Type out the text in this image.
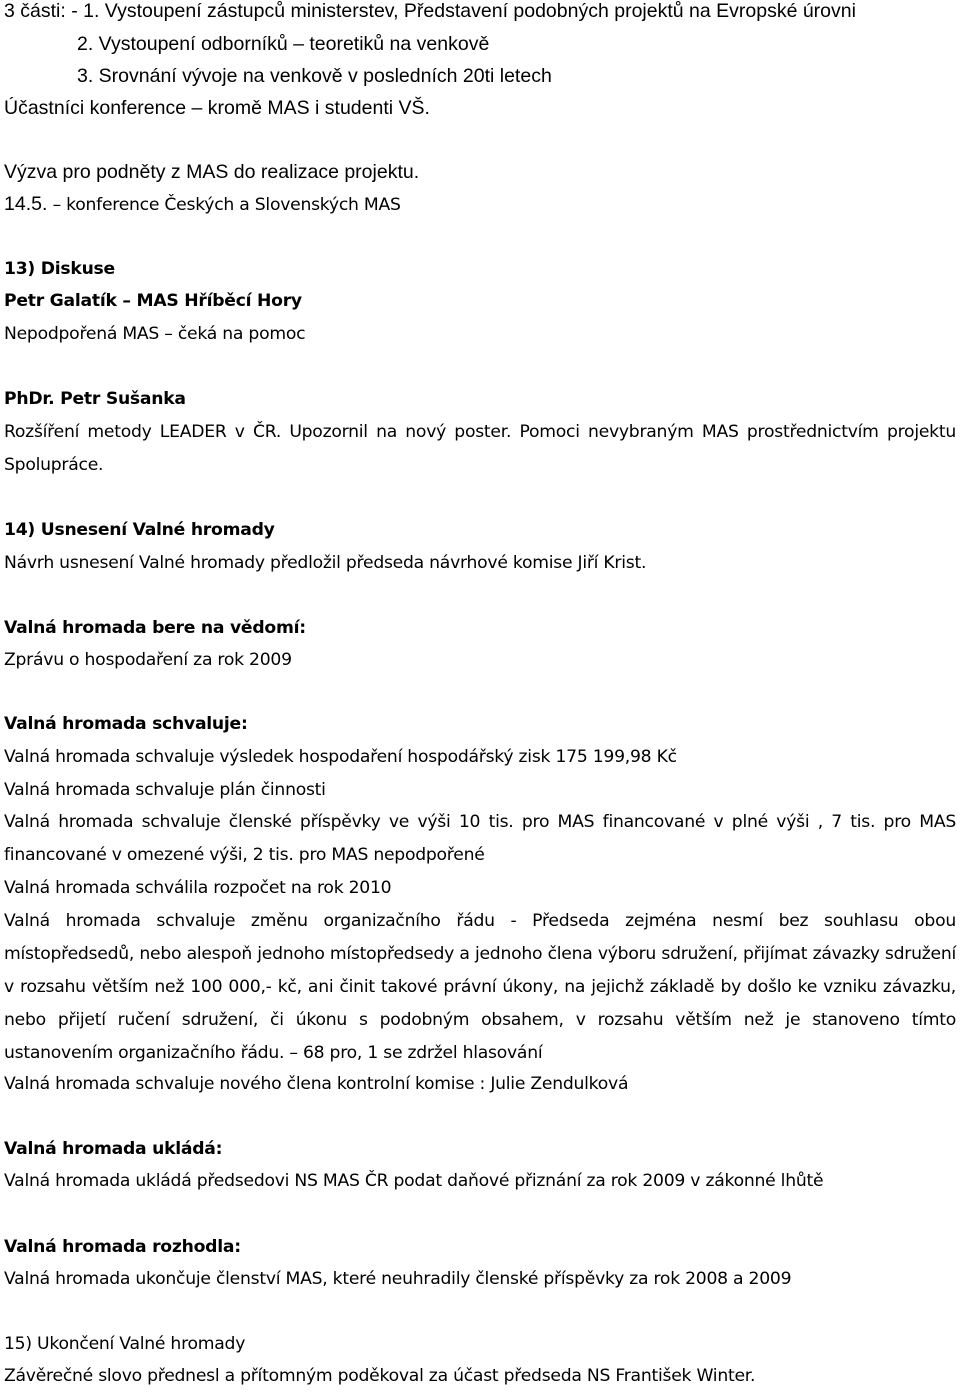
3 části: - 1. Vystoupení zástupců ministerstev, Představení podobných projektů na Evropské úrovni
2. Vystoupení odborníků – teoretiků na venkově
3. Srovnání vývoje na venkově v posledních 20ti letech
Účastníci konference – kromě MAS i studenti VŠ.
Výzva pro podněty z MAS do realizace projektu.
14.5. – konference Českých a Slovenských MAS
13) Diskuse
Petr Galatík – MAS Hříběcí Hory
Nepodpořená MAS – čeká na pomoc
PhDr. Petr Sušanka

Rozšíření metody LEADER v ČR. Upozornil na nový poster. Pomoci nevybraným MAS prostřednictvím projektu Spolupráce.

14) Usnesení Valné hromady
Návrh usnesení Valné hromady předložil předseda návrhové komise Jiří Krist.
Valná hromada bere na vědomí:
Zprávu o hospodaření za rok 2009
Valná hromada schvaluje:
Valná hromada schvaluje výsledek hospodaření hospodářský zisk 175 199,98 Kč
Valná hromada schvaluje plán činnosti

Valná hromada schvaluje členské příspěvky ve výši 10 tis. pro MAS financované v plné výši , 7 tis. pro MAS financované v omezené výši, 2 tis. pro MAS nepodpořené

Valná hromada schválila rozpočet na rok 2010

Valná hromada schvaluje změnu organizačního řádu - Předseda zejména nesmí bez souhlasu obou místopředsedů, nebo alespoň jednoho místopředsedy a jednoho člena výboru sdružení, přijímat závazky sdružení v rozsahu větším než 100 000,- kč, ani činit takové právní úkony, na jejichž základě by došlo ke vzniku závazku, nebo přijetí ručení sdružení, či úkonu s podobným obsahem, v rozsahu větším než je stanoveno tímto ustanovením organizačního řádu. – 68 pro, 1 se zdržel hlasování

Valná hromada schvaluje nového člena kontrolní komise : Julie Zendulková
Valná hromada ukládá:
Valná hromada ukládá předsedovi NS MAS ČR podat daňové přiznání za rok 2009 v zákonné lhůtě
Valná hromada rozhodla:
Valná hromada ukončuje členství MAS, které neuhradily členské příspěvky za rok 2008 a 2009
15) Ukončení Valné hromady
Závěrečné slovo přednesl a přítomným poděkoval za účast předseda NS František Winter.
